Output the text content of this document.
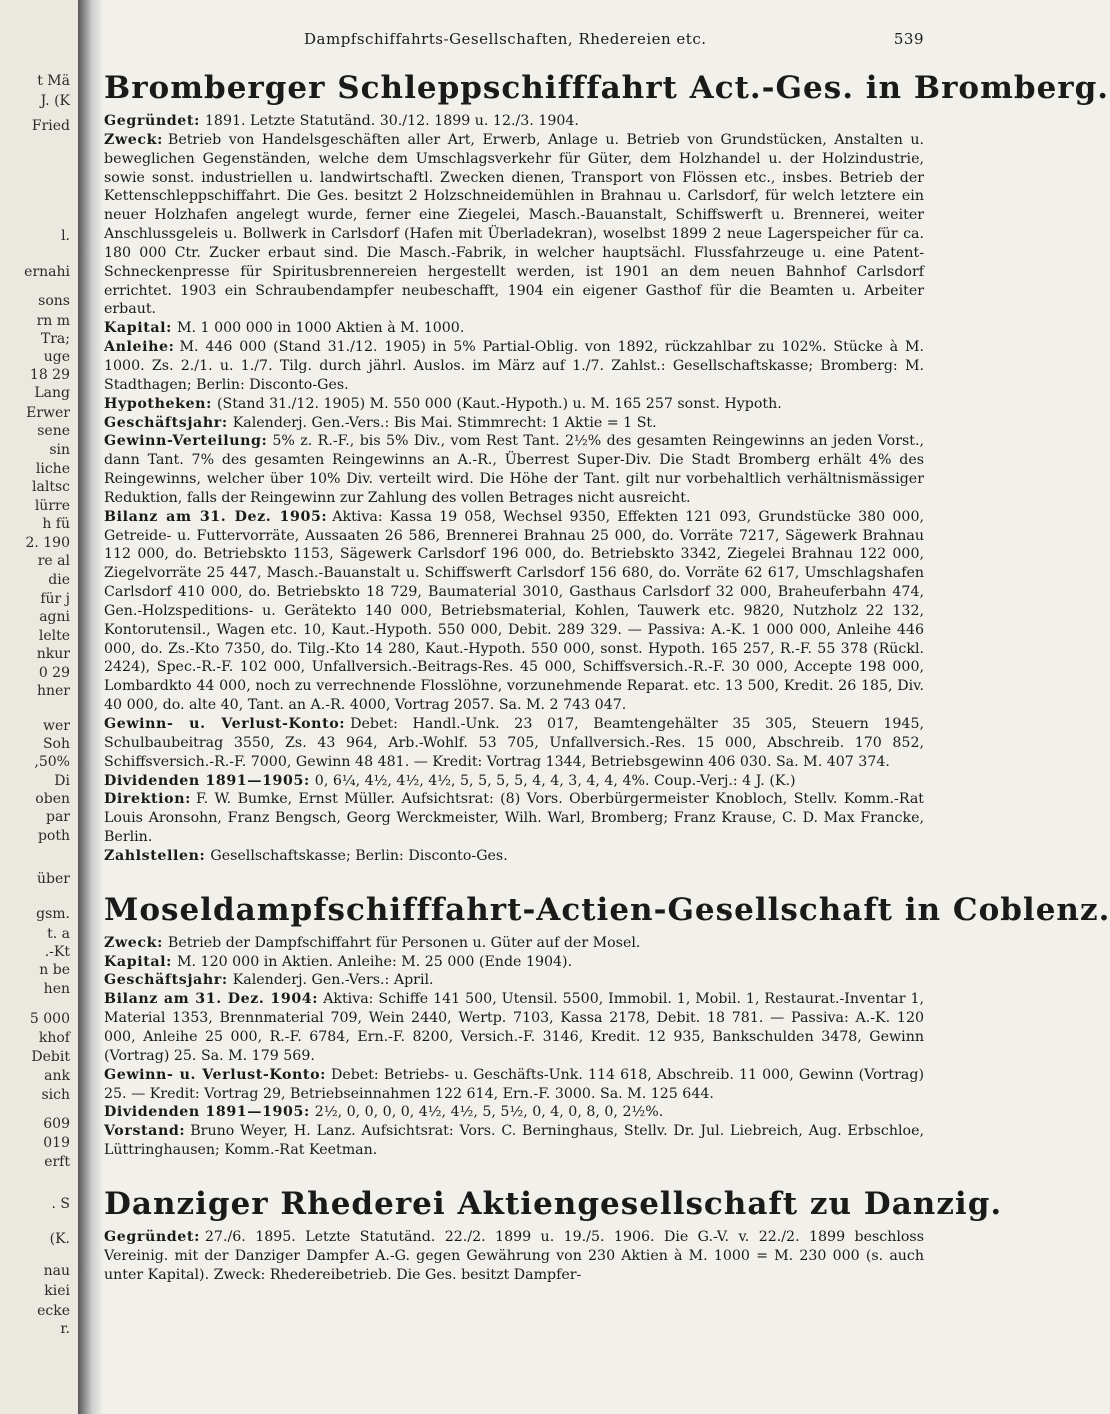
t Mä
J. (K
Fried
l.
ernahi
sons
rn m
Tra;
uge
18 29
Lang
Erwer
sene
sin
liche
laltsc
lürre
h fü
2. 190
re al
die
für j
agni
lelte
nkur
0 29
hner
wer
Soh
,50%
Di
oben
par
poth
über
gsm.
t. a
.-Kt
n be
hen
5 000
khof
Debit
ank
sich
609
019
erft
. S
(K.
nau
kiei
ecke
r.
Dampfschiffahrts-Gesellschaften, Rhedereien etc.	539
Bromberger Schleppschifffahrt Act.-Ges. in Bromberg.

Gegründet: 1891. Letzte Statutänd. 30./12. 1899 u. 12./3. 1904.

Zweck: Betrieb von Handelsgeschäften aller Art, Erwerb, Anlage u. Betrieb von Grundstücken, Anstalten u. beweglichen Gegenständen, welche dem Umschlagsverkehr für Güter, dem Holzhandel u. der Holzindustrie, sowie sonst. industriellen u. landwirtschaftl. Zwecken dienen, Transport von Flössen etc., insbes. Betrieb der Kettenschleppschiffahrt. Die Ges. besitzt 2 Holzschneidemühlen in Brahnau u. Carlsdorf, für welch letztere ein neuer Holzhafen angelegt wurde, ferner eine Ziegelei, Masch.-Bauanstalt, Schiffswerft u. Brennerei, weiter Anschlussgeleis u. Bollwerk in Carlsdorf (Hafen mit Überladekran), woselbst 1899 2 neue Lagerspeicher für ca. 180 000 Ctr. Zucker erbaut sind. Die Masch.-Fabrik, in welcher hauptsächl. Flussfahrzeuge u. eine Patent-Schneckenpresse für Spiritusbrennereien hergestellt werden, ist 1901 an dem neuen Bahnhof Carlsdorf errichtet. 1903 ein Schraubendampfer neubeschafft, 1904 ein eigener Gasthof für die Beamten u. Arbeiter erbaut.

Kapital: M. 1 000 000 in 1000 Aktien à M. 1000.

Anleihe: M. 446 000 (Stand 31./12. 1905) in 5% Partial-Oblig. von 1892, rückzahlbar zu 102%. Stücke à M. 1000. Zs. 2./1. u. 1./7. Tilg. durch jährl. Auslos. im März auf 1./7. Zahlst.: Gesellschaftskasse; Bromberg: M. Stadthagen; Berlin: Disconto-Ges.

Hypotheken: (Stand 31./12. 1905) M. 550 000 (Kaut.-Hypoth.) u. M. 165 257 sonst. Hypoth.

Geschäftsjahr: Kalenderj. Gen.-Vers.: Bis Mai. Stimmrecht: 1 Aktie = 1 St.

Gewinn-Verteilung: 5% z. R.-F., bis 5% Div., vom Rest Tant. 2½% des gesamten Reingewinns an jeden Vorst., dann Tant. 7% des gesamten Reingewinns an A.-R., Überrest Super-Div. Die Stadt Bromberg erhält 4% des Reingewinns, welcher über 10% Div. verteilt wird. Die Höhe der Tant. gilt nur vorbehaltlich verhältnismässiger Reduktion, falls der Reingewinn zur Zahlung des vollen Betrages nicht ausreicht.

Bilanz am 31. Dez. 1905: Aktiva: Kassa 19 058, Wechsel 9350, Effekten 121 093, Grundstücke 380 000, Getreide- u. Futtervorräte, Aussaaten 26 586, Brennerei Brahnau 25 000, do. Vorräte 7217, Sägewerk Brahnau 112 000, do. Betriebskto 1153, Sägewerk Carlsdorf 196 000, do. Betriebskto 3342, Ziegelei Brahnau 122 000, Ziegelvorräte 25 447, Masch.-Bauanstalt u. Schiffswerft Carlsdorf 156 680, do. Vorräte 62 617, Umschlagshafen Carlsdorf 410 000, do. Betriebskto 18 729, Baumaterial 3010, Gasthaus Carlsdorf 32 000, Braheuferbahn 474, Gen.-Holzspeditions- u. Gerätekto 140 000, Betriebsmaterial, Kohlen, Tauwerk etc. 9820, Nutzholz 22 132, Kontorutensil., Wagen etc. 10, Kaut.-Hypoth. 550 000, Debit. 289 329. — Passiva: A.-K. 1 000 000, Anleihe 446 000, do. Zs.-Kto 7350, do. Tilg.-Kto 14 280, Kaut.-Hypoth. 550 000, sonst. Hypoth. 165 257, R.-F. 55 378 (Rückl. 2424), Spec.-R.-F. 102 000, Unfallversich.-Beitrags-Res. 45 000, Schiffsversich.-R.-F. 30 000, Accepte 198 000, Lombardkto 44 000, noch zu verrechnende Flosslöhne, vorzunehmende Reparat. etc. 13 500, Kredit. 26 185, Div. 40 000, do. alte 40, Tant. an A.-R. 4000, Vortrag 2057. Sa. M. 2 743 047.

Gewinn- u. Verlust-Konto: Debet: Handl.-Unk. 23 017, Beamtengehälter 35 305, Steuern 1945, Schulbaubeitrag 3550, Zs. 43 964, Arb.-Wohlf. 53 705, Unfallversich.-Res. 15 000, Abschreib. 170 852, Schiffsversich.-R.-F. 7000, Gewinn 48 481. — Kredit: Vortrag 1344, Betriebsgewinn 406 030. Sa. M. 407 374.

Dividenden 1891—1905: 0, 6¼, 4½, 4½, 4½, 5, 5, 5, 5, 4, 4, 3, 4, 4, 4%. Coup.-Verj.: 4 J. (K.)

Direktion: F. W. Bumke, Ernst Müller. Aufsichtsrat: (8) Vors. Oberbürgermeister Knobloch, Stellv. Komm.-Rat Louis Aronsohn, Franz Bengsch, Georg Werckmeister, Wilh. Warl, Bromberg; Franz Krause, C. D. Max Francke, Berlin.

Zahlstellen: Gesellschaftskasse; Berlin: Disconto-Ges.

Moseldampfschifffahrt-Actien-Gesellschaft in Coblenz.

Zweck: Betrieb der Dampfschiffahrt für Personen u. Güter auf der Mosel.

Kapital: M. 120 000 in Aktien. Anleihe: M. 25 000 (Ende 1904).

Geschäftsjahr: Kalenderj. Gen.-Vers.: April.

Bilanz am 31. Dez. 1904: Aktiva: Schiffe 141 500, Utensil. 5500, Immobil. 1, Mobil. 1, Restaurat.-Inventar 1, Material 1353, Brennmaterial 709, Wein 2440, Wertp. 7103, Kassa 2178, Debit. 18 781. — Passiva: A.-K. 120 000, Anleihe 25 000, R.-F. 6784, Ern.-F. 8200, Versich.-F. 3146, Kredit. 12 935, Bankschulden 3478, Gewinn (Vortrag) 25. Sa. M. 179 569.

Gewinn- u. Verlust-Konto: Debet: Betriebs- u. Geschäfts-Unk. 114 618, Abschreib. 11 000, Gewinn (Vortrag) 25. — Kredit: Vortrag 29, Betriebseinnahmen 122 614, Ern.-F. 3000. Sa. M. 125 644.

Dividenden 1891—1905: 2½, 0, 0, 0, 0, 4½, 4½, 5, 5½, 0, 4, 0, 8, 0, 2½%.

Vorstand: Bruno Weyer, H. Lanz. Aufsichtsrat: Vors. C. Berninghaus, Stellv. Dr. Jul. Liebreich, Aug. Erbschloe, Lüttringhausen; Komm.-Rat Keetman.

Danziger Rhederei Aktiengesellschaft zu Danzig.

Gegründet: 27./6. 1895. Letzte Statutänd. 22./2. 1899 u. 19./5. 1906. Die G.-V. v. 22./2. 1899 beschloss Vereinig. mit der Danziger Dampfer A.-G. gegen Gewährung von 230 Aktien à M. 1000 = M. 230 000 (s. auch unter Kapital). Zweck: Rhedereibetrieb. Die Ges. besitzt Dampfer-
